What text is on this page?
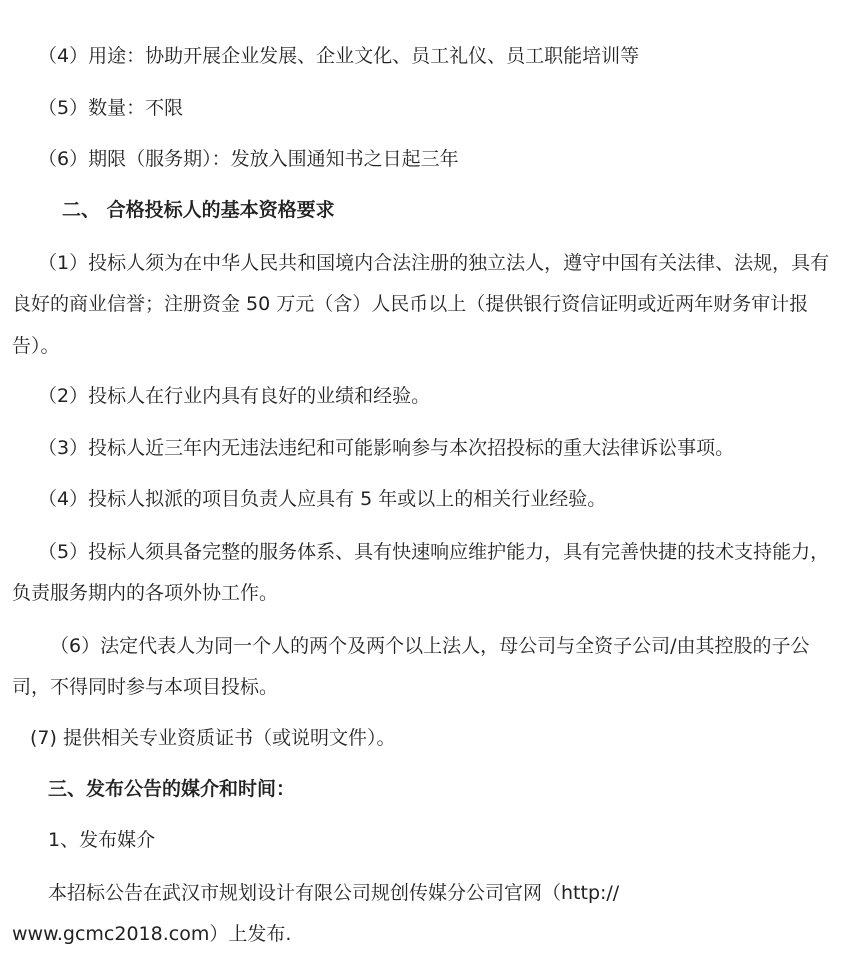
（4）用途：协助开展企业发展、企业文化、员工礼仪、员工职能培训等

（5）数量：不限

（6）期限（服务期）：发放入围通知书之日起三年

二、 合格投标人的基本资格要求

（1）投标人须为在中华人民共和国境内合法注册的独立法人，遵守中国有关法律、法规，具有

良好的商业信誉；注册资金 50 万元（含）人民币以上（提供银行资信证明或近两年财务审计报

告）。

（2）投标人在行业内具有良好的业绩和经验。

（3）投标人近三年内无违法违纪和可能影响参与本次招投标的重大法律诉讼事项。

（4）投标人拟派的项目负责人应具有 5 年或以上的相关行业经验。

（5）投标人须具备完整的服务体系、具有快速响应维护能力，具有完善快捷的技术支持能力，

负责服务期内的各项外协工作。

（6）法定代表人为同一个人的两个及两个以上法人，母公司与全资子公司/由其控股的子公

司，不得同时参与本项目投标。

(7) 提供相关专业资质证书（或说明文件）。

三、发布公告的媒介和时间：

1、发布媒介

本招标公告在武汉市规划设计有限公司规创传媒分公司官网（http://

www.gcmc2018.com）上发布.
